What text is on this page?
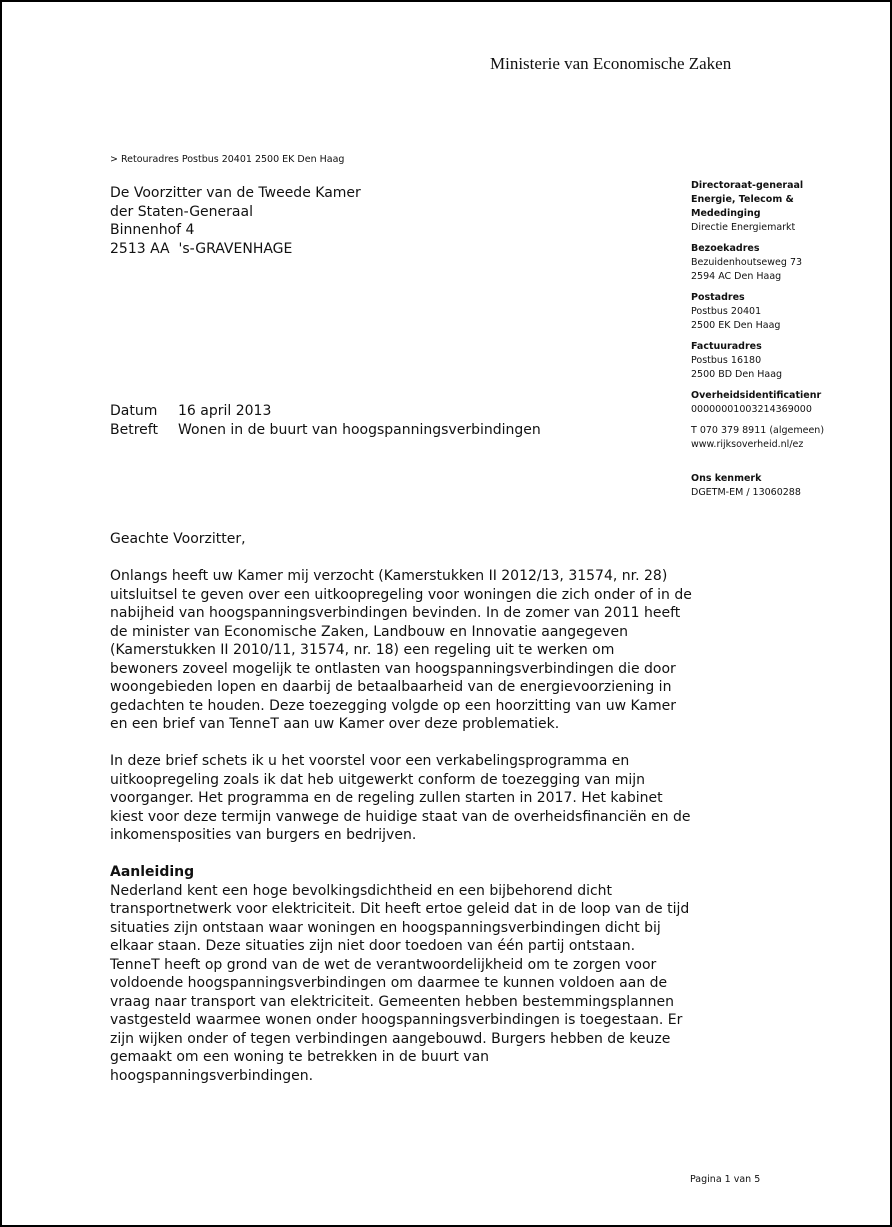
Ministerie van Economische Zaken
> Retouradres Postbus 20401 2500 EK Den Haag
De Voorzitter van de Tweede Kamer
der Staten-Generaal
Binnenhof 4
2513 AA  's-GRAVENHAGE
Directoraat-generaal
Energie, Telecom &
Mededinging
Directie Energiemarkt
Bezoekadres
Bezuidenhoutseweg 73
2594 AC Den Haag
Postadres
Postbus 20401
2500 EK Den Haag
Factuuradres
Postbus 16180
2500 BD Den Haag
Overheidsidentificatienr
00000001003214369000
T 070 379 8911 (algemeen)
www.rijksoverheid.nl/ez
Ons kenmerk
DGETM-EM / 13060288
Datum	16 april 2013
Betreft	Wonen in de buurt van hoogspanningsverbindingen

Geachte Voorzitter,

Onlangs heeft uw Kamer mij verzocht (Kamerstukken II 2012/13, 31574, nr. 28)
uitsluitsel te geven over een uitkoopregeling voor woningen die zich onder of in de
nabijheid van hoogspanningsverbindingen bevinden. In de zomer van 2011 heeft
de minister van Economische Zaken, Landbouw en Innovatie aangegeven
(Kamerstukken II 2010/11, 31574, nr. 18) een regeling uit te werken om
bewoners zoveel mogelijk te ontlasten van hoogspanningsverbindingen die door
woongebieden lopen en daarbij de betaalbaarheid van de energievoorziening in
gedachten te houden. Deze toezegging volgde op een hoorzitting van uw Kamer
en een brief van TenneT aan uw Kamer over deze problematiek.

In deze brief schets ik u het voorstel voor een verkabelingsprogramma en
uitkoopregeling zoals ik dat heb uitgewerkt conform de toezegging van mijn
voorganger. Het programma en de regeling zullen starten in 2017. Het kabinet
kiest voor deze termijn vanwege de huidige staat van de overheidsfinanciën en de
inkomensposities van burgers en bedrijven.

Aanleiding

Nederland kent een hoge bevolkingsdichtheid en een bijbehorend dicht
transportnetwerk voor elektriciteit. Dit heeft ertoe geleid dat in de loop van de tijd
situaties zijn ontstaan waar woningen en hoogspanningsverbindingen dicht bij
elkaar staan. Deze situaties zijn niet door toedoen van één partij ontstaan.
TenneT heeft op grond van de wet de verantwoordelijkheid om te zorgen voor
voldoende hoogspanningsverbindingen om daarmee te kunnen voldoen aan de
vraag naar transport van elektriciteit. Gemeenten hebben bestemmingsplannen
vastgesteld waarmee wonen onder hoogspanningsverbindingen is toegestaan. Er
zijn wijken onder of tegen verbindingen aangebouwd. Burgers hebben de keuze
gemaakt om een woning te betrekken in de buurt van
hoogspanningsverbindingen.

Pagina 1 van 5
